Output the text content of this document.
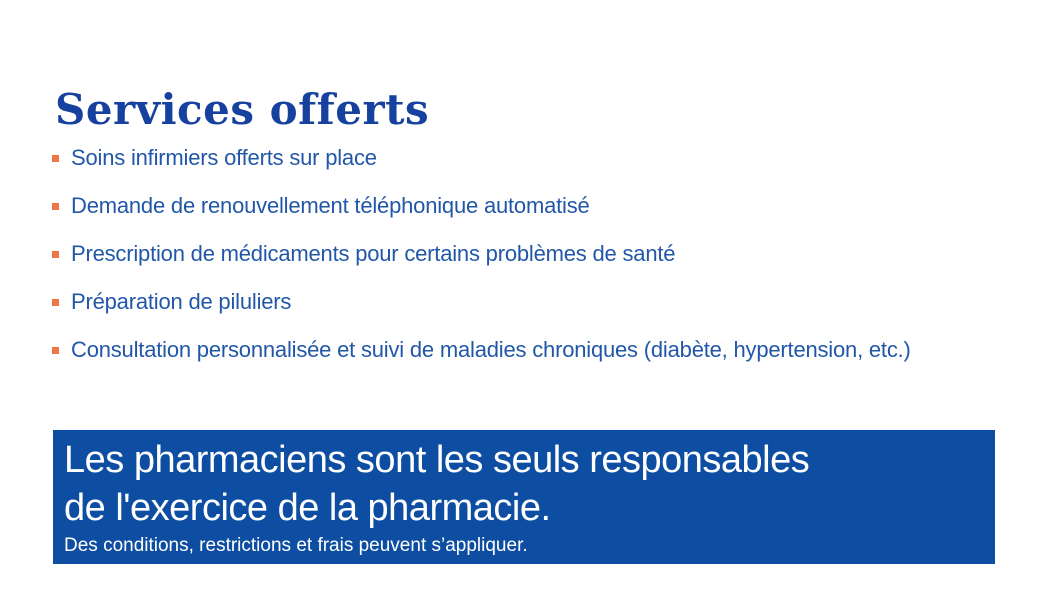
Services offerts
Soins infirmiers offerts sur place
Demande de renouvellement téléphonique automatisé
Prescription de médicaments pour certains problèmes de santé
Préparation de piluliers
Consultation personnalisée et suivi de maladies chroniques (diabète, hypertension, etc.)
Les pharmaciens sont les seuls responsables
de l'exercice de la pharmacie.
Des conditions, restrictions et frais peuvent s’appliquer.
